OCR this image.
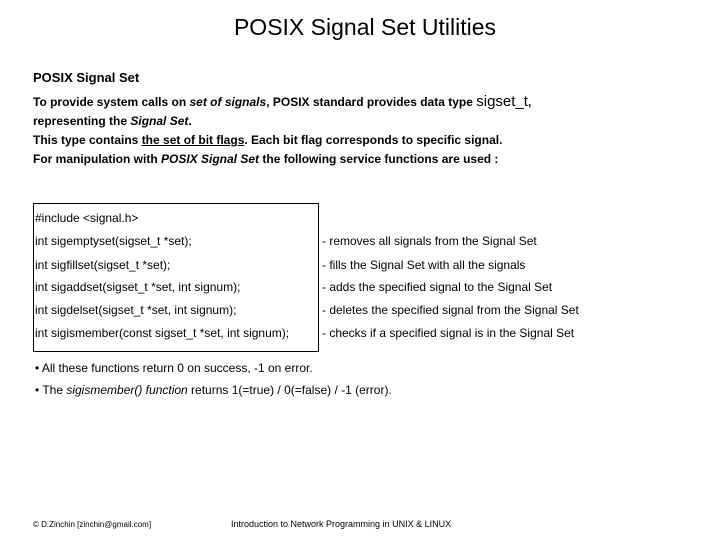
POSIX Signal Set Utilities
POSIX Signal Set
To provide system calls on set of signals, POSIX standard provides data type sigset_t,
representing the Signal Set.
This type contains the set of bit flags. Each bit flag corresponds to specific signal.
For manipulation with POSIX Signal Set the following service functions are used :
#include <signal.h>
int sigemptyset(sigset_t *set);	- removes all signals from the Signal Set
int sigfillset(sigset_t *set);	- fills the Signal Set with all the signals
int sigaddset(sigset_t *set, int signum);	- adds the specified signal to the Signal Set
int sigdelset(sigset_t *set, int signum);	- deletes the specified signal from the Signal Set
int sigismember(const sigset_t *set, int signum);	- checks if a specified signal is in the Signal Set
• All these functions return 0 on success, -1 on error.
• The sigismember() function returns 1(=true) / 0(=false) / -1 (error).
© D.Zinchin [zinchin@gmail.com]	Introduction to Network Programming in UNIX & LINUX
